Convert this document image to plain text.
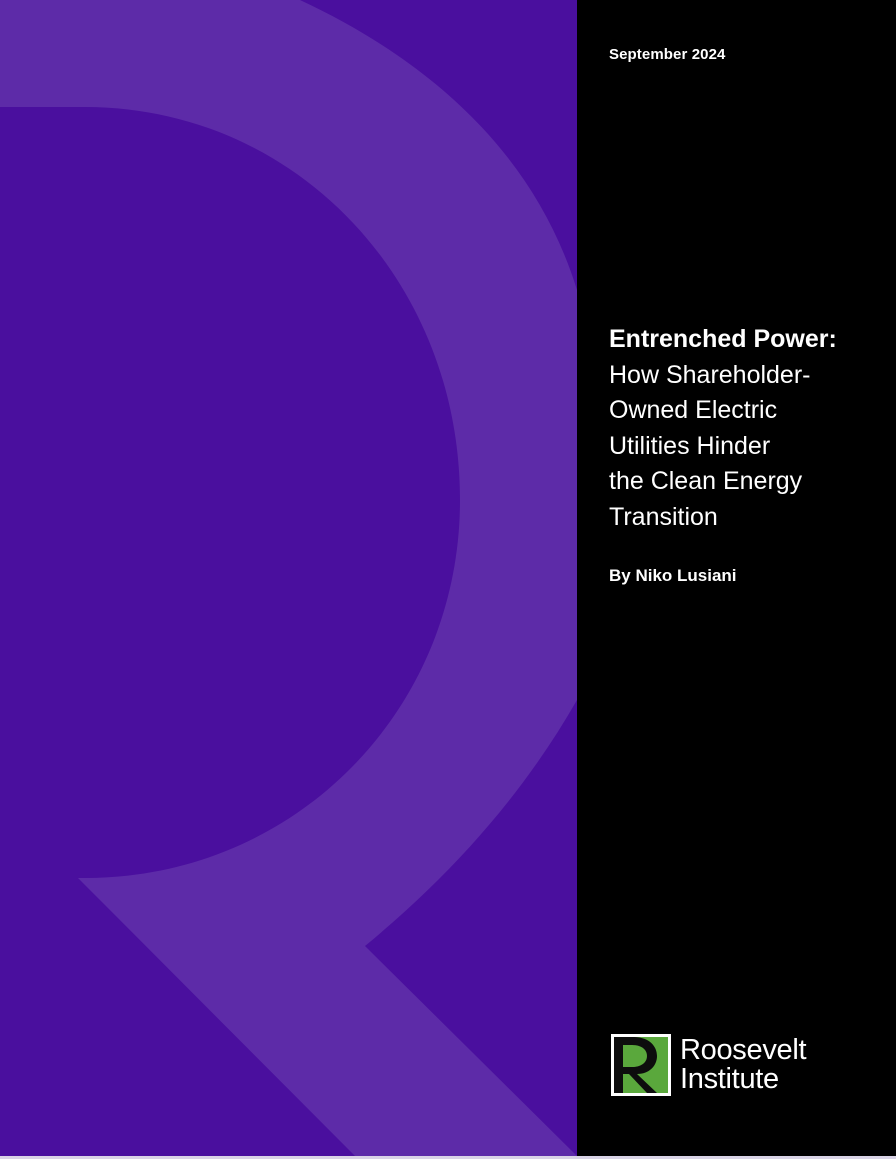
September 2024
Entrenched Power:
How Shareholder-
Owned Electric
Utilities Hinder
the Clean Energy
Transition
By Niko Lusiani
Roosevelt
Institute
